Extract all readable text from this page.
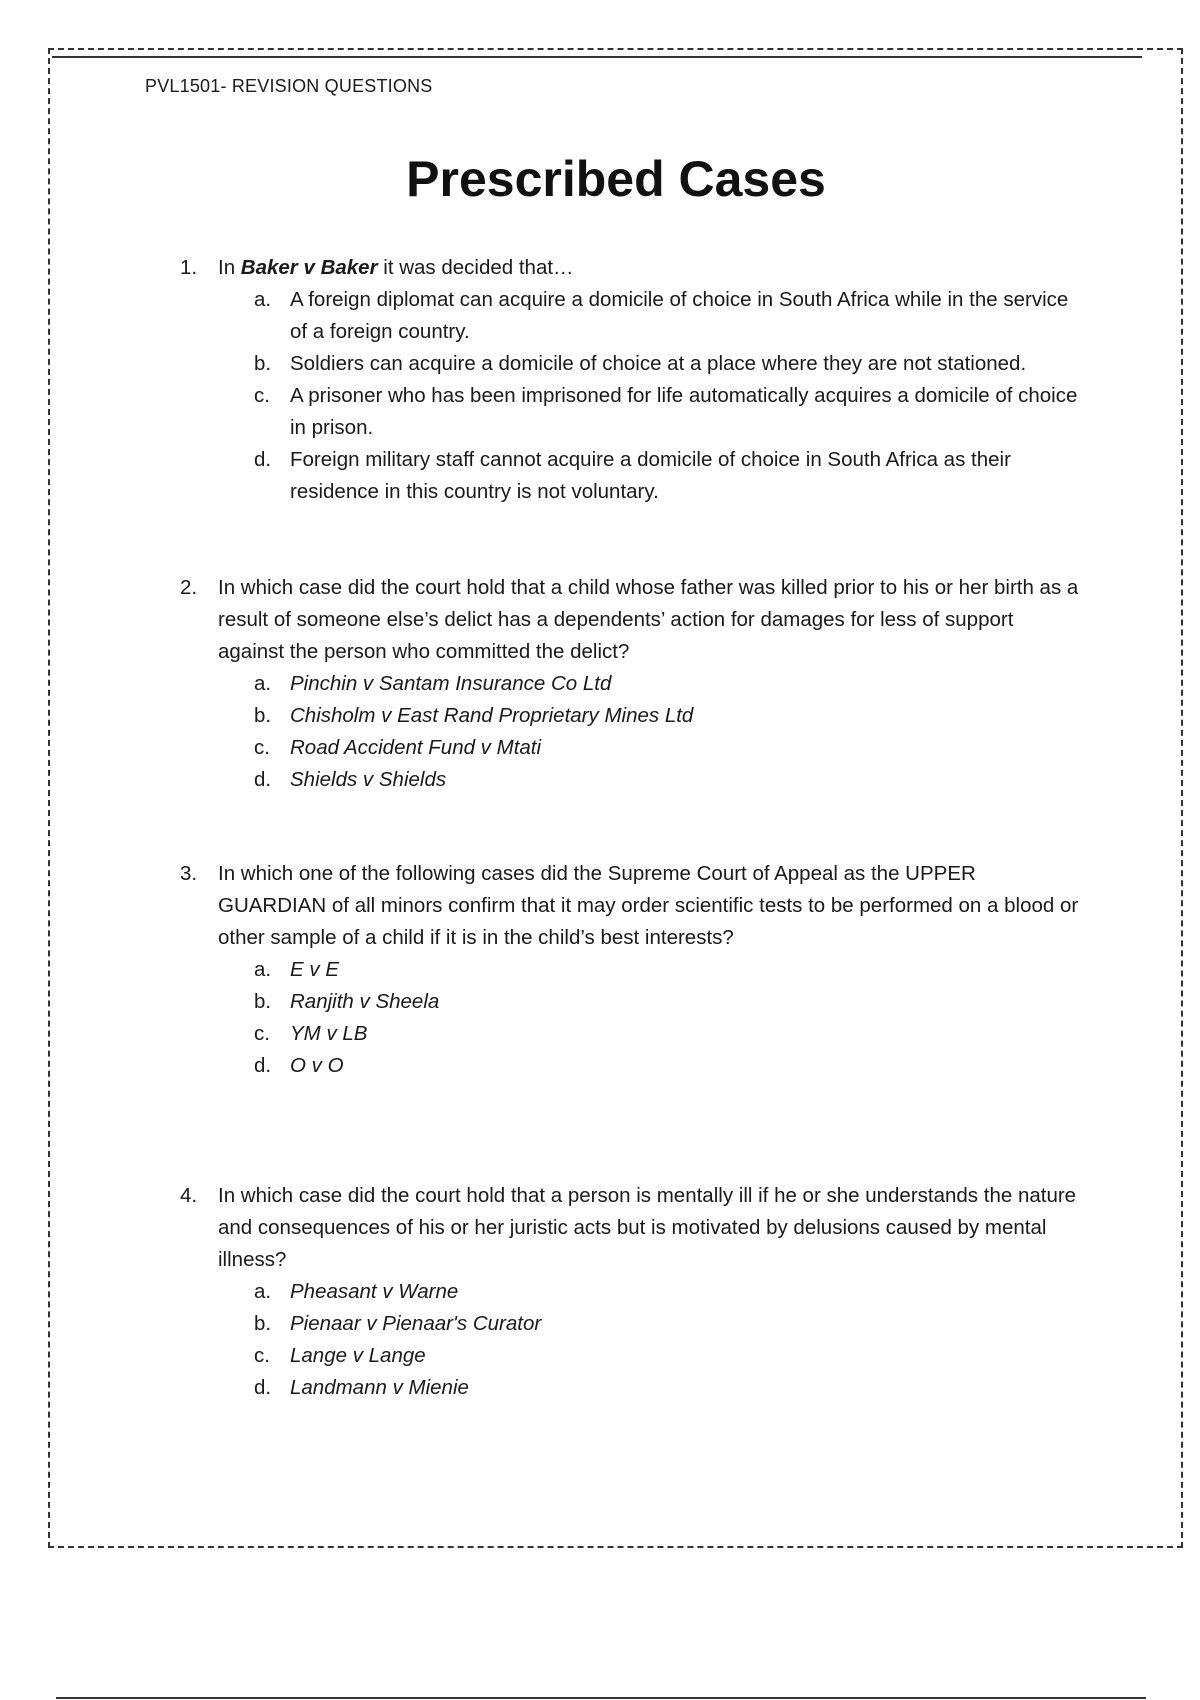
PVL1501- REVISION QUESTIONS
Prescribed Cases
1. In Baker v Baker it was decided that…
a. A foreign diplomat can acquire a domicile of choice in South Africa while in the service of a foreign country.
b. Soldiers can acquire a domicile of choice at a place where they are not stationed.
c. A prisoner who has been imprisoned for life automatically acquires a domicile of choice in prison.
d. Foreign military staff cannot acquire a domicile of choice in South Africa as their residence in this country is not voluntary.
2. In which case did the court hold that a child whose father was killed prior to his or her birth as a result of someone else’s delict has a dependents’ action for damages for less of support against the person who committed the delict?
a. Pinchin v Santam Insurance Co Ltd
b. Chisholm v East Rand Proprietary Mines Ltd
c. Road Accident Fund v Mtati
d. Shields v Shields
3. In which one of the following cases did the Supreme Court of Appeal as the UPPER GUARDIAN of all minors confirm that it may order scientific tests to be performed on a blood or other sample of a child if it is in the child’s best interests?
a. E v E
b. Ranjith v Sheela
c. YM v LB
d. O v O
4. In which case did the court hold that a person is mentally ill if he or she understands the nature and consequences of his or her juristic acts but is motivated by delusions caused by mental illness?
a. Pheasant v Warne
b. Pienaar v Pienaar's Curator
c. Lange v Lange
d. Landmann v Mienie
